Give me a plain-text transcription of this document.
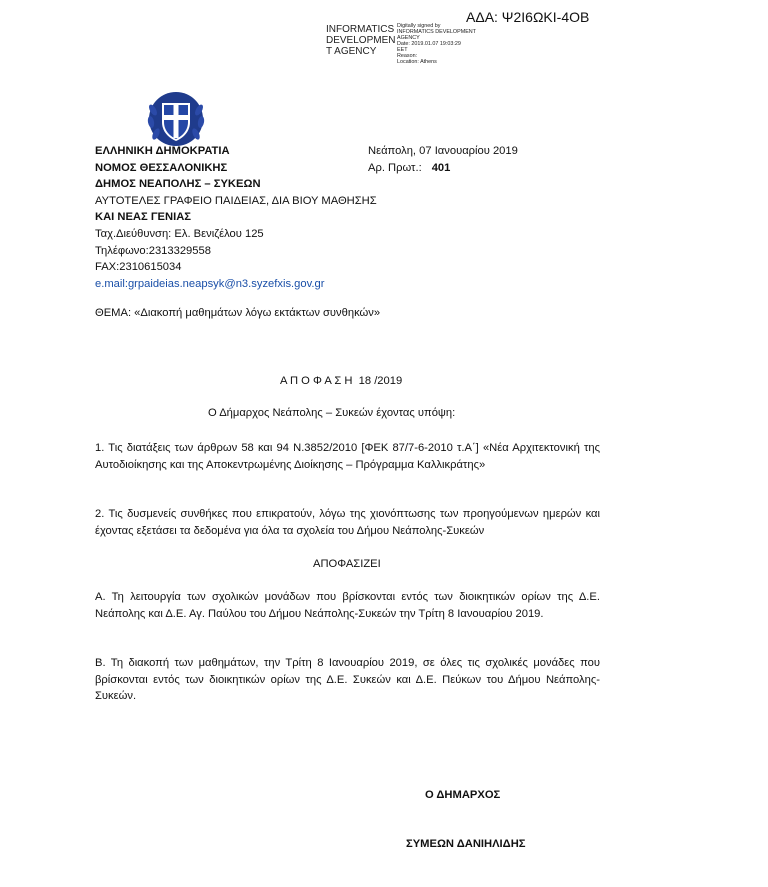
INFORMATICS DEVELOPMEN T AGENCY
Digitally signed by
INFORMATICS DEVELOPMENT AGENCY
Date: 2019.01.07 19:03:29
EET
Reason:
Location: Athens
ΑΔΑ: Ψ2Ι6ΩΚΙ-4ΟΒ
ΕΛΛΗΝΙΚΗ ΔΗΜΟΚΡΑΤΙΑ
ΝΟΜΟΣ ΘΕΣΣΑΛΟΝΙΚΗΣ
ΔΗΜΟΣ ΝΕΑΠΟΛΗΣ – ΣΥΚΕΩΝ
ΑΥΤΟΤΕΛΕΣ ΓΡΑΦΕΙΟ ΠΑΙΔΕΙΑΣ, ΔΙΑ ΒΙΟΥ ΜΑΘΗΣΗΣ
ΚΑΙ ΝΕΑΣ ΓΕΝΙΑΣ
Ταχ.Διεύθυνση: Ελ. Βενιζέλου 125
Τηλέφωνο:2313329558
FAX:2310615034
e.mail:grpaideias.neapsyk@n3.syzefxis.gov.gr
Νεάπολη, 07 Ιανουαρίου 2019
Αρ. Πρωτ.: 401
ΘΕΜΑ: «Διακοπή μαθημάτων λόγω εκτάκτων συνθηκών»
Α Π Ο Φ Α Σ Η  18 /2019
Ο Δήμαρχος Νεάπολης – Συκεών έχοντας υπόψη:
1. Τις διατάξεις των άρθρων 58 και 94 Ν.3852/2010 [ΦΕΚ 87/7-6-2010 τ.Α΄] «Νέα Αρχιτεκτονική της Αυτοδιοίκησης και της Αποκεντρωμένης Διοίκησης – Πρόγραμμα Καλλικράτης»
2. Τις δυσμενείς συνθήκες που επικρατούν, λόγω της χιονόπτωσης των προηγούμενων ημερών και έχοντας εξετάσει τα δεδομένα για όλα τα σχολεία του Δήμου Νεάπολης-Συκεών
ΑΠΟΦΑΣΙΖΕΙ
Α. Τη λειτουργία των σχολικών μονάδων που βρίσκονται εντός των διοικητικών ορίων της Δ.Ε. Νεάπολης και Δ.Ε. Αγ. Παύλου του Δήμου Νεάπολης-Συκεών την Τρίτη 8 Ιανουαρίου 2019.
Β. Τη διακοπή των μαθημάτων, την Τρίτη 8 Ιανουαρίου 2019, σε όλες τις σχολικές μονάδες που βρίσκονται εντός των διοικητικών ορίων της Δ.Ε. Συκεών και Δ.Ε. Πεύκων του Δήμου Νεάπολης-Συκεών.
Ο ΔΗΜΑΡΧΟΣ
ΣΥΜΕΩΝ ΔΑΝΙΗΛΙΔΗΣ
